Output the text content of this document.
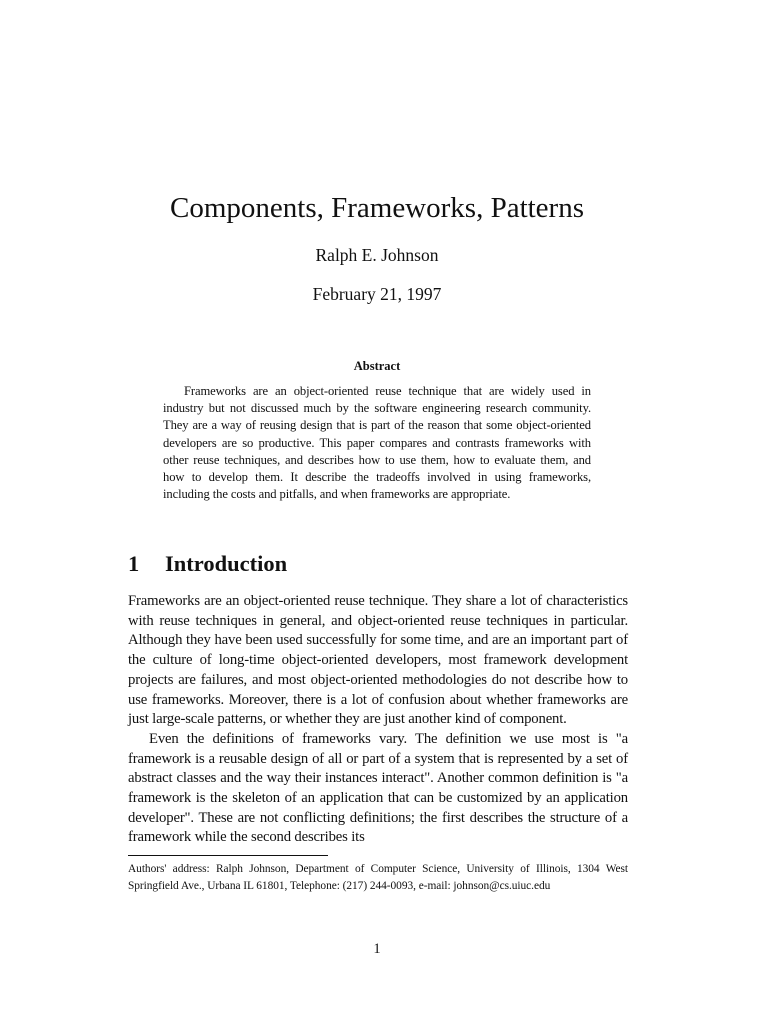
Components, Frameworks, Patterns
Ralph E. Johnson
February 21, 1997
Abstract
Frameworks are an object-oriented reuse technique that are widely used in industry but not discussed much by the software engineering research community. They are a way of reusing design that is part of the reason that some object-oriented developers are so productive. This paper compares and contrasts frameworks with other reuse techniques, and describes how to use them, how to evaluate them, and how to develop them. It describe the tradeoffs involved in using frameworks, including the costs and pitfalls, and when frameworks are appropriate.
1 Introduction

Frameworks are an object-oriented reuse technique. They share a lot of characteristics with reuse techniques in general, and object-oriented reuse techniques in particular. Although they have been used successfully for some time, and are an important part of the culture of long-time object-oriented developers, most framework development projects are failures, and most object-oriented methodologies do not describe how to use frameworks. Moreover, there is a lot of confusion about whether frameworks are just large-scale patterns, or whether they are just another kind of component.

Even the definitions of frameworks vary. The definition we use most is "a framework is a reusable design of all or part of a system that is represented by a set of abstract classes and the way their instances interact". Another common definition is "a framework is the skeleton of an application that can be customized by an application developer". These are not conflicting definitions; the first describes the structure of a framework while the second describes its

Authors' address: Ralph Johnson, Department of Computer Science, University of Illinois, 1304 West Springfield Ave., Urbana IL 61801, Telephone: (217) 244-0093, e-mail: johnson@cs.uiuc.edu
1
